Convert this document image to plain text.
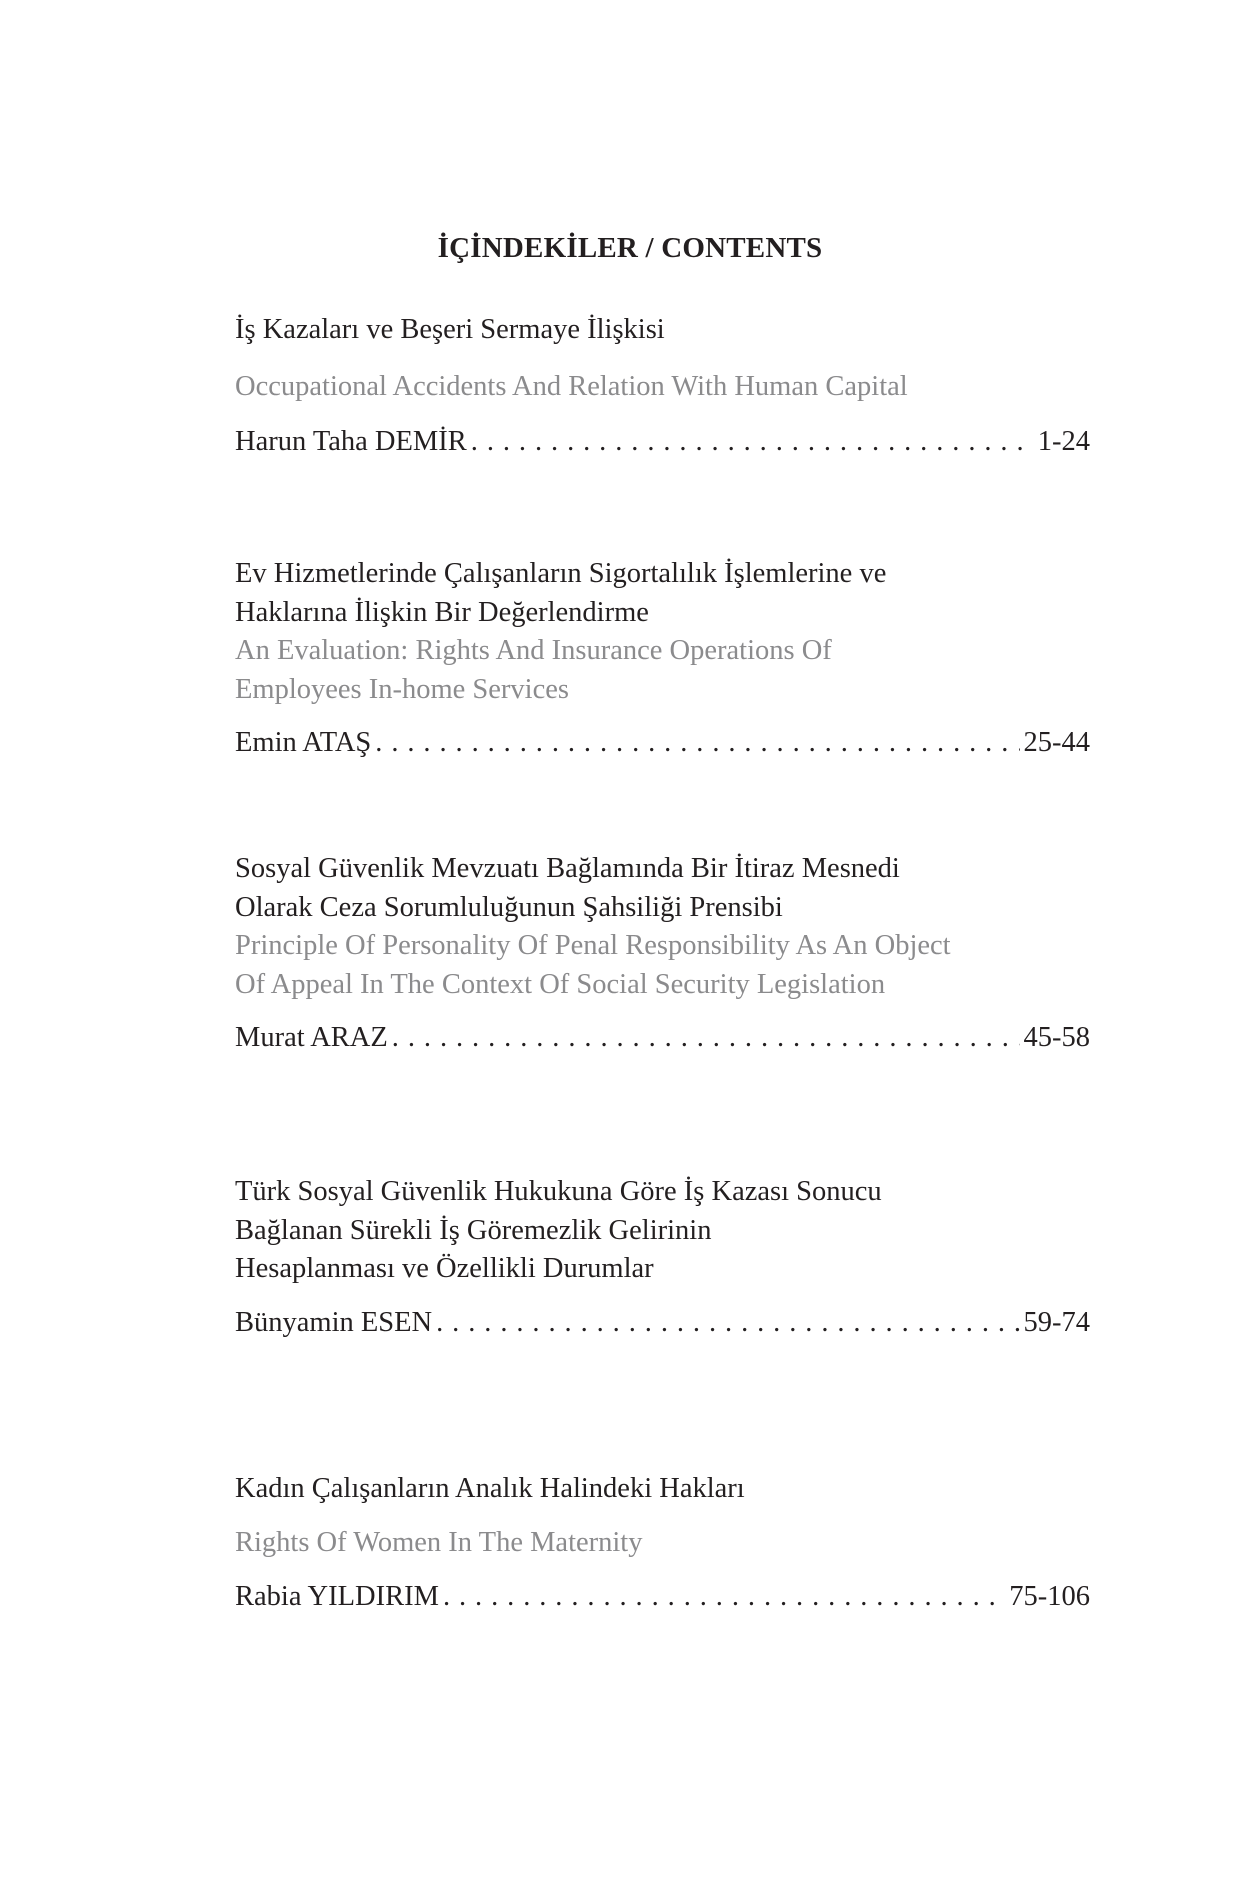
İÇİNDEKİLER / CONTENTS

İş Kazaları ve Beşeri Sermaye İlişkisi

Occupational Accidents And Relation With Human Capital

Harun Taha DEMİR . . .	1-24

Ev Hizmetlerinde Çalışanların Sigortalılık İşlemlerine ve

Haklarına İlişkin Bir Değerlendirme

An Evaluation: Rights And Insurance Operations Of

Employees In-home Services

Emin ATAŞ . . .	25-44

Sosyal Güvenlik Mevzuatı Bağlamında Bir İtiraz Mesnedi

Olarak Ceza Sorumluluğunun Şahsiliği Prensibi

Principle Of Personality Of Penal Responsibility As An Object

Of Appeal In The Context Of Social Security Legislation

Murat ARAZ . . .	45-58

Türk Sosyal Güvenlik Hukukuna Göre İş Kazası Sonucu

Bağlanan Sürekli İş Göremezlik Gelirinin

Hesaplanması ve Özellikli Durumlar

Bünyamin ESEN . . .	59-74

Kadın Çalışanların Analık Halindeki Hakları

Rights Of Women In The Maternity

Rabia YILDIRIM . . .	75-106
